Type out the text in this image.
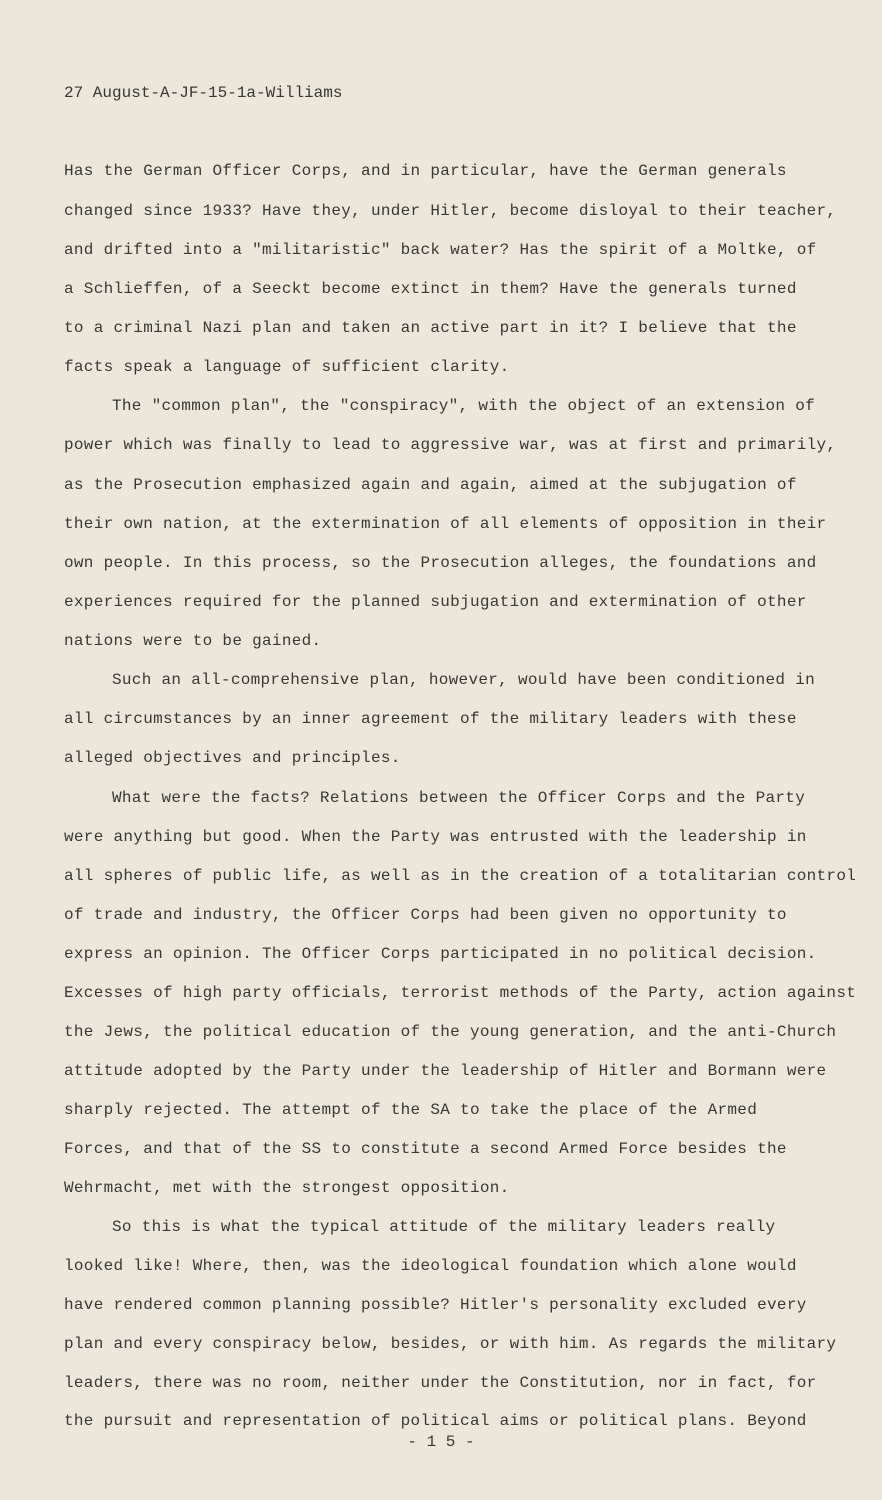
27 August-A-JF-15-1a-Williams
Has the German Officer Corps, and in particular, have the German generals
changed since 1933? Have they, under Hitler, become disloyal to their teacher,
and drifted into a "militaristic" back water? Has the spirit of a Moltke, of
a Schlieffen, of a Seeckt become extinct in them? Have the generals turned
to a criminal Nazi plan and taken an active part in it? I believe that the
facts speak a language of sufficient clarity.
The "common plan", the "conspiracy", with the object of an extension of
power which was finally to lead to aggressive war, was at first and primarily,
as the Prosecution emphasized again and again, aimed at the subjugation of
their own nation, at the extermination of all elements of opposition in their
own people. In this process, so the Prosecution alleges, the foundations and
experiences required for the planned subjugation and extermination of other
nations were to be gained.
Such an all-comprehensive plan, however, would have been conditioned in
all circumstances by an inner agreement of the military leaders with these
alleged objectives and principles.
What were the facts? Relations between the Officer Corps and the Party
were anything but good. When the Party was entrusted with the leadership in
all spheres of public life, as well as in the creation of a totalitarian control
of trade and industry, the Officer Corps had been given no opportunity to
express an opinion. The Officer Corps participated in no political decision.
Excesses of high party officials, terrorist methods of the Party, action against
the Jews, the political education of the young generation, and the anti-Church
attitude adopted by the Party under the leadership of Hitler and Bormann were
sharply rejected. The attempt of the SA to take the place of the Armed
Forces, and that of the SS to constitute a second Armed Force besides the
Wehrmacht, met with the strongest opposition.
So this is what the typical attitude of the military leaders really
looked like! Where, then, was the ideological foundation which alone would
have rendered common planning possible? Hitler's personality excluded every
plan and every conspiracy below, besides, or with him. As regards the military
leaders, there was no room, neither under the Constitution, nor in fact, for
the pursuit and representation of political aims or political plans. Beyond
- 1 5 -
